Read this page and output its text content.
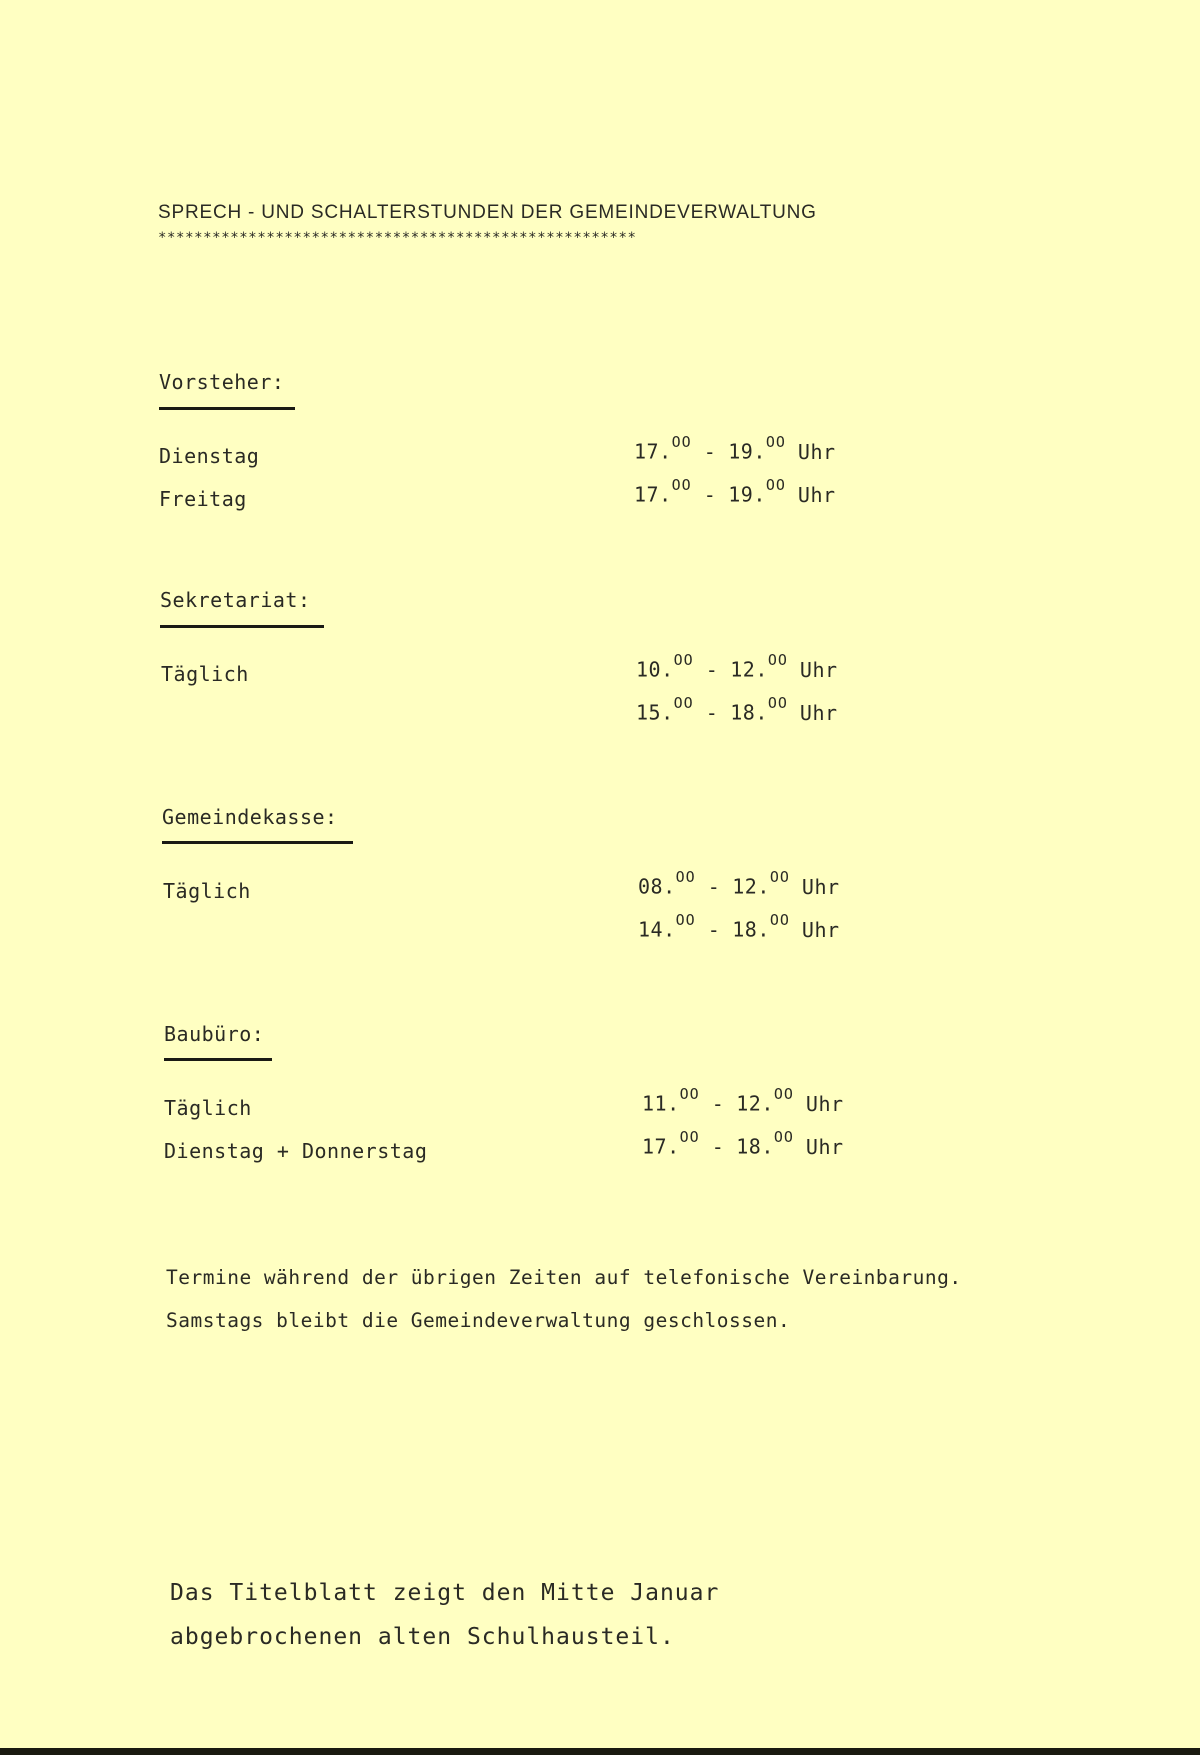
SPRECH - UND SCHALTERSTUNDEN DER GEMEINDEVERWALTUNG
*****************************************************
Vorsteher:
Dienstag	17.$^{OO}$ - 19.$^{OO}$ Uhr
Freitag	17.$^{OO}$ - 19.$^{OO}$ Uhr
Sekretariat:
Täglich	10.$^{OO}$ - 12.$^{OO}$ Uhr
15.$^{OO}$ - 18.$^{OO}$ Uhr
Gemeindekasse:
Täglich	08.$^{OO}$ - 12.$^{OO}$ Uhr
14.$^{OO}$ - 18.$^{OO}$ Uhr
Baubüro:
Täglich	11.$^{OO}$ - 12.$^{OO}$ Uhr
Dienstag + Donnerstag	17.$^{OO}$ - 18.$^{OO}$ Uhr
Termine während der übrigen Zeiten auf telefonische Vereinbarung.
Samstags bleibt die Gemeindeverwaltung geschlossen.
Das Titelblatt zeigt den Mitte Januar
abgebrochenen alten Schulhausteil.
